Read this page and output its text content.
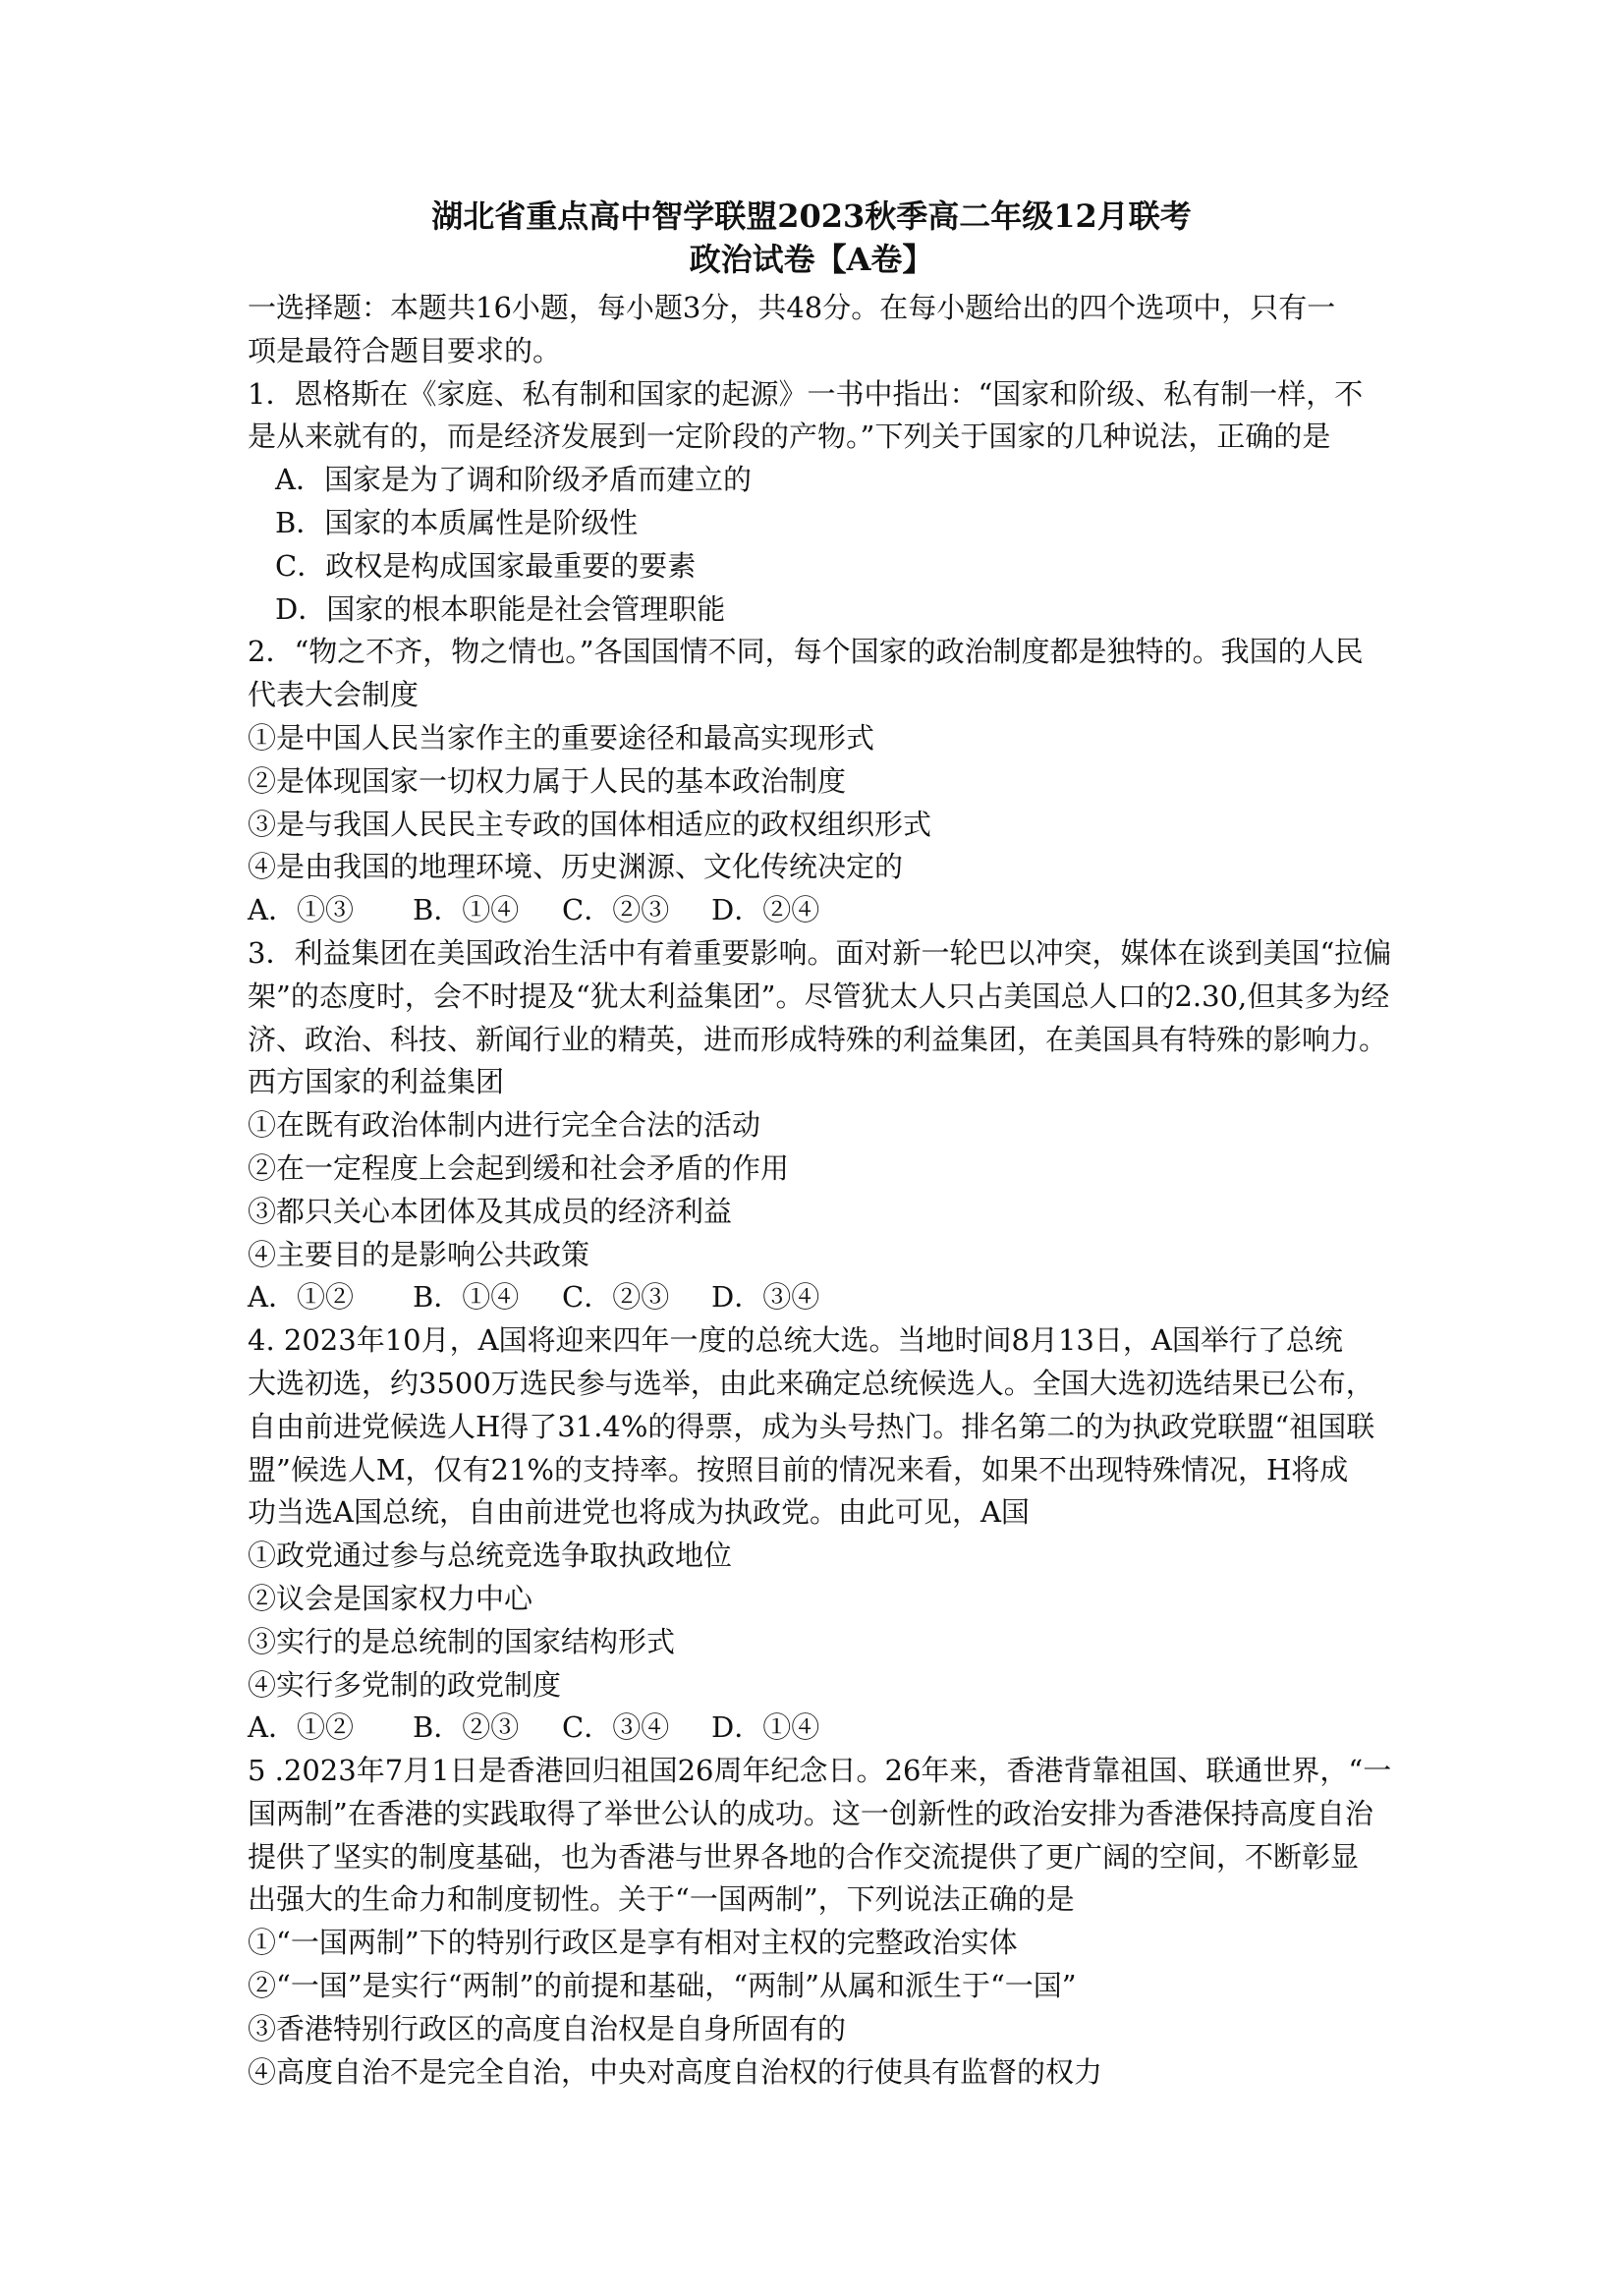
湖北省重点高中智学联盟2023秋季高二年级12月联考
政治试卷【A卷】
一选择题：本题共16小题，每小题3分，共48分。在每小题给出的四个选项中，只有一
项是最符合题目要求的。
1．恩格斯在《家庭、私有制和国家的起源》一书中指出：“国家和阶级、私有制一样，不
是从来就有的，而是经济发展到一定阶段的产物。”下列关于国家的几种说法，正确的是
A．国家是为了调和阶级矛盾而建立的
B．国家的本质属性是阶级性
C．政权是构成国家最重要的要素
D．国家的根本职能是社会管理职能
2．“物之不齐，物之情也。”各国国情不同，每个国家的政治制度都是独特的。我国的人民
代表大会制度
①是中国人民当家作主的重要途径和最高实现形式
②是体现国家一切权力属于人民的基本政治制度
③是与我国人民民主专政的国体相适应的政权组织形式
④是由我国的地理环境、历史渊源、文化传统决定的
A．①③	B．①④	C．②③	D．②④
3．利益集团在美国政治生活中有着重要影响。面对新一轮巴以冲突，媒体在谈到美国“拉偏
架”的态度时，会不时提及“犹太利益集团”。尽管犹太人只占美国总人口的2.30,但其多为经
济、政治、科技、新闻行业的精英，进而形成特殊的利益集团，在美国具有特殊的影响力。
西方国家的利益集团
①在既有政治体制内进行完全合法的活动
②在一定程度上会起到缓和社会矛盾的作用
③都只关心本团体及其成员的经济利益
④主要目的是影响公共政策
A．①②	B．①④	C．②③	D．③④
4. 2023年10月，A国将迎来四年一度的总统大选。当地时间8月13日，A国举行了总统
大选初选，约3500万选民参与选举，由此来确定总统候选人。全国大选初选结果已公布，
自由前进党候选人H得了31.4%的得票，成为头号热门。排名第二的为执政党联盟“祖国联
盟”候选人M，仅有21%的支持率。按照目前的情况来看，如果不出现特殊情况，H将成
功当选A国总统，自由前进党也将成为执政党。由此可见，A国
①政党通过参与总统竞选争取执政地位
②议会是国家权力中心
③实行的是总统制的国家结构形式
④实行多党制的政党制度
A．①②	B．②③	C．③④	D．①④
5 .2023年7月1日是香港回归祖国26周年纪念日。26年来，香港背靠祖国、联通世界，“一
国两制”在香港的实践取得了举世公认的成功。这一创新性的政治安排为香港保持高度自治
提供了坚实的制度基础，也为香港与世界各地的合作交流提供了更广阔的空间，不断彰显
出强大的生命力和制度韧性。关于“一国两制”，下列说法正确的是
①“一国两制”下的特别行政区是享有相对主权的完整政治实体
②“一国”是实行“两制”的前提和基础，“两制”从属和派生于“一国”
③香港特别行政区的高度自治权是自身所固有的
④高度自治不是完全自治，中央对高度自治权的行使具有监督的权力
